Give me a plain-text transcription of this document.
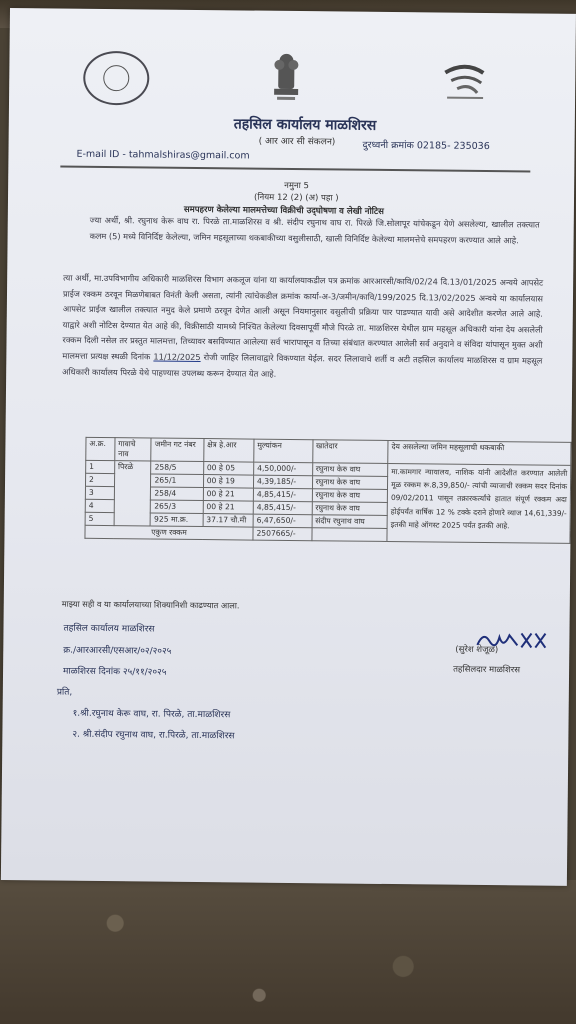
तहसिल कार्यालय माळशिरस
( आर आर सी संकलन)
E-mail ID - tahmalshiras@gmail.com
दुरध्वनी क्रमांक 02185- 235036
नमुना 5
(नियम 12 (2) (अ) पहा )
समपहरण केलेल्या मालमत्तेच्या विक्रीची उद्‌घोषणा व लेखी नोटिस
ज्या अर्थी, श्री. रघुनाथ केरू वाघ रा. पिरळे ता.माळशिरस व श्री. संदीप रघुनाथ वाघ रा. पिरळे जि.सोलापूर यांचेकडून येणे असलेल्या, खालील तक्त्यात कलम (5) मध्ये विनिर्दिष्ट केलेल्या, जमिन महसूलाच्या थकबाकीच्या वसुलीसाठी, खाली विनिर्दिष्ट केलेल्या मालमत्तेचे समपहरण करण्यात आले आहे.
त्या अर्थी, मा.उपविभागीय अधिकारी माळशिरस विभाग अकलूज यांना या कार्यालयाकडील पत्र क्रमांक आरआरसी/कावि/02/24 दि.13/01/2025 अन्वये आपसेट प्राईज रक्कम ठरवून मिळणेबाबत विनंती केली असता, त्यांनी त्यांचेकडील क्रमांक कार्या-अ-3/जमीन/कावि/199/2025 दि.13/02/2025 अन्वये या कार्यालयास आपसेट प्राईज खालील तक्त्यात नमुद केले प्रमाणे ठरवून देणेत आली असून नियमानुसार वसुलीची प्रक्रिया पार पाडण्यात यावी असे आदेशीत करणेत आले आहे. याद्वारे अशी नोटिस देण्यात येत आहे की, विक्रीसाठी यामध्ये निश्चित केलेल्या दिवसापूर्वी मौजे पिरळे ता. माळशिरस येथील ग्राम महसूल अधिकारी यांना देय असलेली रक्कम दिली नसेल तर प्रस्तुत मालमत्ता, तिच्यावर बसविण्यात आलेल्या सर्व भारापासून व तिच्या संबंधात करण्यात आलेली सर्व अनुदाने व संविदा यांपासून मुक्त अशी मालमत्ता प्रत्यक्ष स्थळी दिनांक 11/12/2025 रोजी जाहिर लिलावाद्वारे विकण्यात येईल. सदर लिलावाचे शर्ती व अटी तहसिल कार्यालय माळशिरस व ग्राम महसूल अधिकारी कार्यालय पिरळे येथे पाहण्यास उपलब्ध करून देण्यात येत आहे.
अ.क्र.	गावाचे नाव	जमीन गट नंबर	क्षेत्र हे.आर	मुल्यांकन	खातेदार	देय असलेल्या जमिन महसूलाची थकबाकी
1	पिरळे	258/5	00 हे 05	4,50,000/-	रघुनाथ केरु वाघ	मा.कामगार न्यायालय, नाशिक यांनी आदेशीत करण्यात आलेली मूळ रक्कम रू.8,39,850/- त्यांची व्याजाची रक्कम सदर दिनांक 09/02/2011 पासून तक्रारकर्त्यांचे हातात संपूर्ण रक्कम अदा होईपर्यंत वार्षिक 12 % टक्के दराने होणारे व्याज 14,61,339/- इतकी माहे ऑगस्ट 2025 पर्यंत इतकी आहे.
2		265/1	00 हे 19	4,39,185/-	रघुनाथ केरु वाघ	
3		258/4	00 हे 21	4,85,415/-	रघुनाथ केरु वाघ	
4		265/3	00 हे 21	4,85,415/-	रघुनाथ केरु वाघ	
5		925 मा.क्र.	37.17 चौ.मी	6,47,650/-	संदीप रघुनाथ वाघ	
एकुण रक्कम				2507665/-		
माझ्या सही व या कार्यालयाच्या शिक्यानिशी काढण्यात आला.
तहसिल कार्यालय माळशिरस
क्र./आरआरसी/एसआर/०२/२०२५
माळशिरस दिनांक २५/११/२०२५
प्रति,
१.श्री.रघुनाथ केरू वाघ, रा. पिरळे, ता.माळशिरस
२. श्री.संदीप रघुनाथ वाघ, रा.पिरळे, ता.माळशिरस
(सुरेश शेजूळ)
तहसिलदार माळशिरस
